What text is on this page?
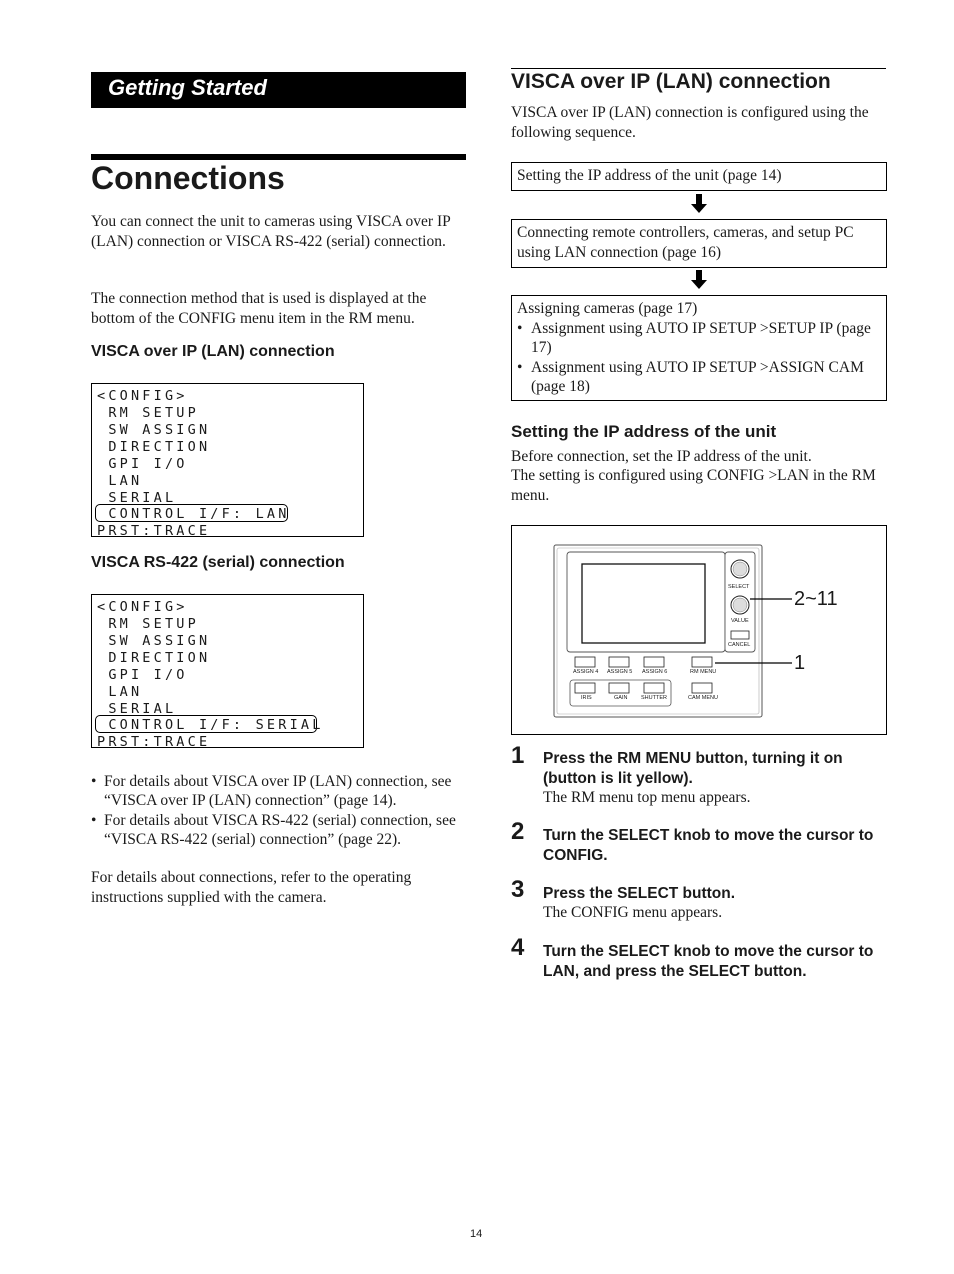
Getting Started
Connections

You can connect the unit to cameras using VISCA over IP (LAN) connection or VISCA RS-422 (serial) connection.

The connection method that is used is displayed at the bottom of the CONFIG menu item in the RM menu.

VISCA over IP (LAN) connection

<CONFIG>
RM SETUP
SW ASSIGN
DIRECTION
GPI I/O
LAN
SERIAL
CONTROL I/F: LAN
PRST:TRACE

VISCA RS-422 (serial) connection

<CONFIG>
RM SETUP
SW ASSIGN
DIRECTION
GPI I/O
LAN
SERIAL
CONTROL I/F: SERIAL
PRST:TRACE
• For details about VISCA over IP (LAN) connection, see “VISCA over IP (LAN) connection” (page 14).
• For details about VISCA RS-422 (serial) connection, see “VISCA RS-422 (serial) connection” (page 22).

For details about connections, refer to the operating instructions supplied with the camera.

VISCA over IP (LAN) connection

VISCA over IP (LAN) connection is configured using the following sequence.

Setting the IP address of the unit (page 14)
Connecting remote controllers, cameras, and setup PC using LAN connection (page 16)
Assigning cameras (page 17)
• Assignment using AUTO IP SETUP >SETUP IP (page 17)
• Assignment using AUTO IP SETUP >ASSIGN CAM (page 18)

Setting the IP address of the unit

Before connection, set the IP address of the unit.

The setting is configured using CONFIG >LAN in the RM menu.

SELECT
VALUE
CANCEL
ASSIGN 4 ASSIGN 5 ASSIGN 6	RM MENU
IRIS	GAIN SHUTTER	CAM MENU
2~11
1
1 Press the RM MENU button, turning it on (button is lit yellow).

The RM menu top menu appears.

2 Turn the SELECT knob to move the cursor to CONFIG.

3 Press the SELECT button.

The CONFIG menu appears.

4 Turn the SELECT knob to move the cursor to LAN, and press the SELECT button.

14
